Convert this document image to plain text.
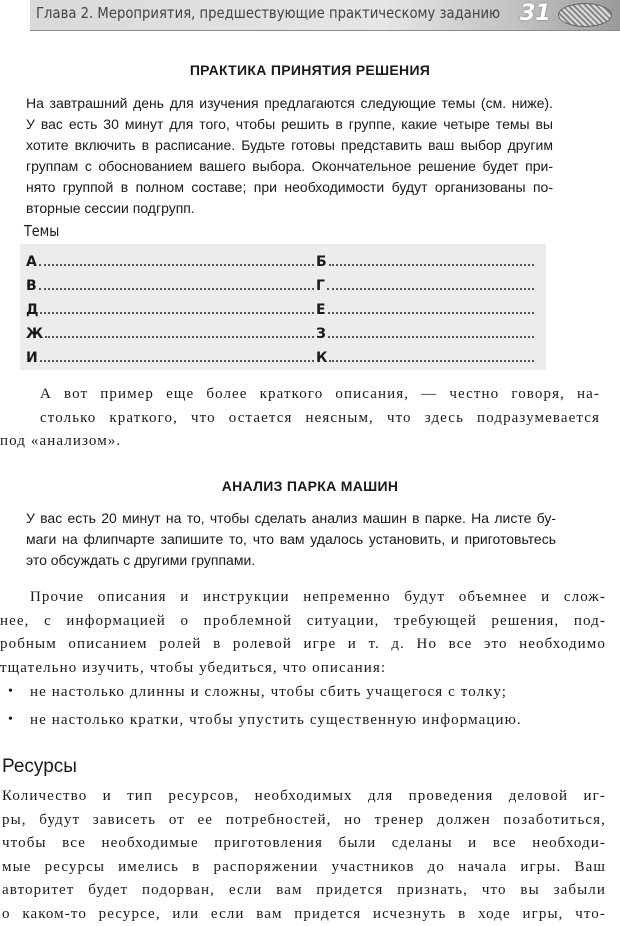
Глава 2. Мероприятия, предшествующие практическому заданию 31
ПРАКТИКА ПРИНЯТИЯ РЕШЕНИЯ
На завтрашний день для изучения предлагаются следующие темы (см. ниже).
У вас есть 30 минут для того, чтобы решить в группе, какие четыре темы вы
хотите включить в расписание. Будьте готовы представить ваш выбор другим
группам с обоснованием вашего выбора. Окончательное решение будет при-
нято группой в полном составе; при необходимости будут организованы по-
вторные сессии подгрупп.
Темы
А	Б
В	Г
Д	Е
Ж	З
И	К
А вот пример еще более краткого описания, — честно говоря, на-
столько краткого, что остается неясным, что здесь подразумевается
под «анализом».
АНАЛИЗ ПАРКА МАШИН
У вас есть 20 минут на то, чтобы сделать анализ машин в парке. На листе бу-
маги на флипчарте запишите то, что вам удалось установить, и приготовьтесь
это обсуждать с другими группами.
Прочие описания и инструкции непременно будут объемнее и слож-
нее, с информацией о проблемной ситуации, требующей решения, под-
робным описанием ролей в ролевой игре и т. д. Но все это необходимо
тщательно изучить, чтобы убедиться, что описания:
• не настолько длинны и сложны, чтобы сбить учащегося с толку;
• не настолько кратки, чтобы упустить существенную информацию.
Ресурсы
Количество и тип ресурсов, необходимых для проведения деловой иг-
ры, будут зависеть от ее потребностей, но тренер должен позаботиться,
чтобы все необходимые приготовления были сделаны и все необходи-
мые ресурсы имелись в распоряжении участников до начала игры. Ваш
авторитет будет подорван, если вам придется признать, что вы забыли
о каком-то ресурсе, или если вам придется исчезнуть в ходе игры, что-
